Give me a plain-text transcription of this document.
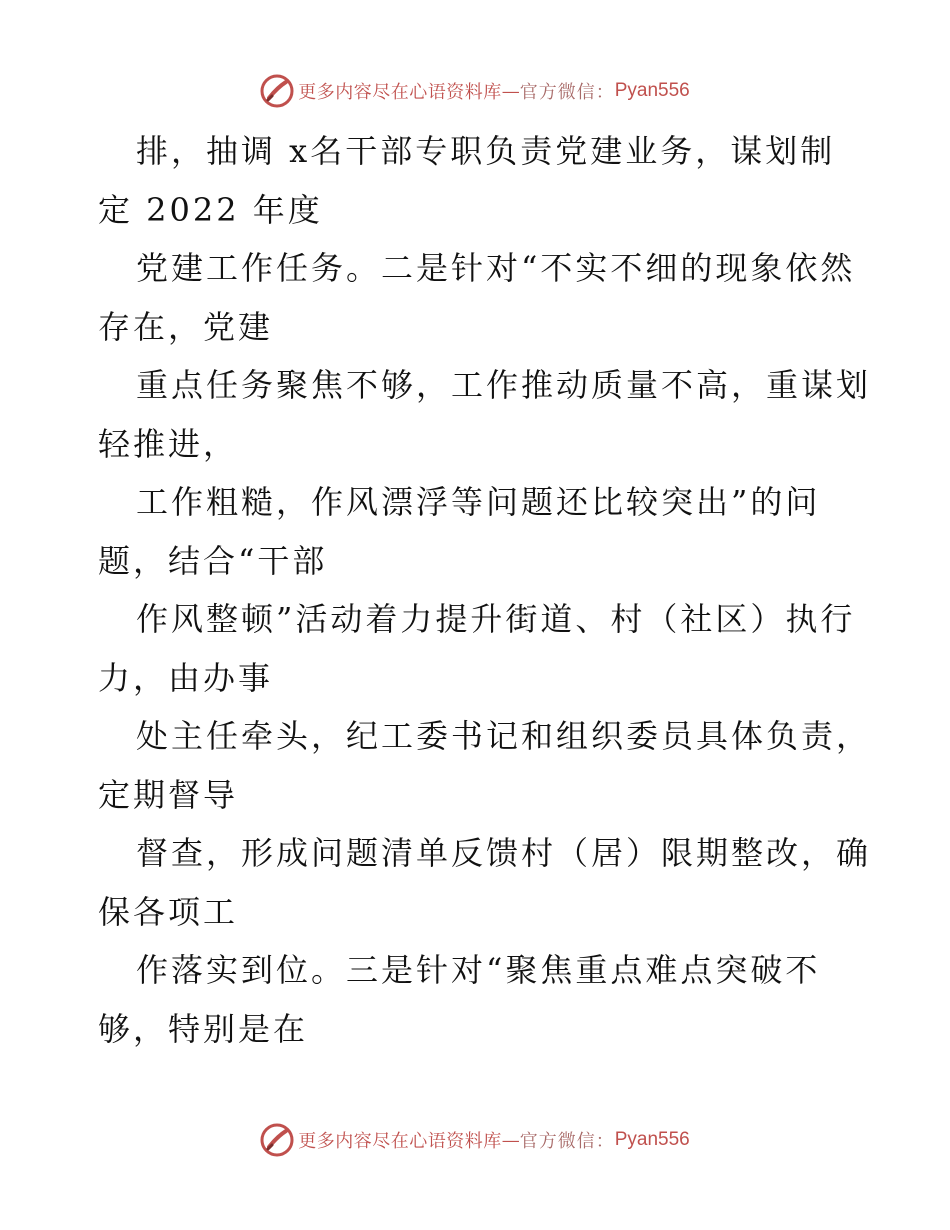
更多内容尽在心语资料库 — 官方微信： Pyan556

排，抽调 x名干部专职负责党建业务，谋划制

定 2022 年度

党建工作任务。二是针对“不实不细的现象依然

存在，党建

重点任务聚焦不够，工作推动质量不高，重谋划

轻推进，

工作粗糙，作风漂浮等问题还比较突出”的问

题，结合“干部

作风整顿”活动着力提升街道、村（社区）执行

力，由办事

处主任牵头，纪工委书记和组织委员具体负责，

定期督导

督查，形成问题清单反馈村（居）限期整改，确

保各项工

作落实到位。三是针对“聚焦重点难点突破不

够，特别是在

更多内容尽在心语资料库 — 官方微信： Pyan556
